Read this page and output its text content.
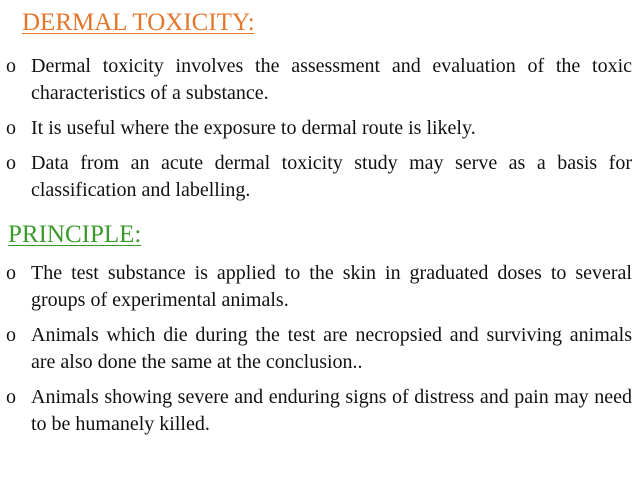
DERMAL TOXICITY:
o Dermal toxicity involves the assessment and evaluation of the toxic characteristics of a substance.
o It is useful where the exposure to dermal route is likely.
o Data from an acute dermal toxicity study may serve as a basis for classification and labelling.
PRINCIPLE:
o The test substance is applied to the skin in graduated doses to several groups of experimental animals.
o Animals which die during the test are necropsied and surviving animals are also done the same at the conclusion..
o Animals showing severe and enduring signs of distress and pain may need to be humanely killed.
